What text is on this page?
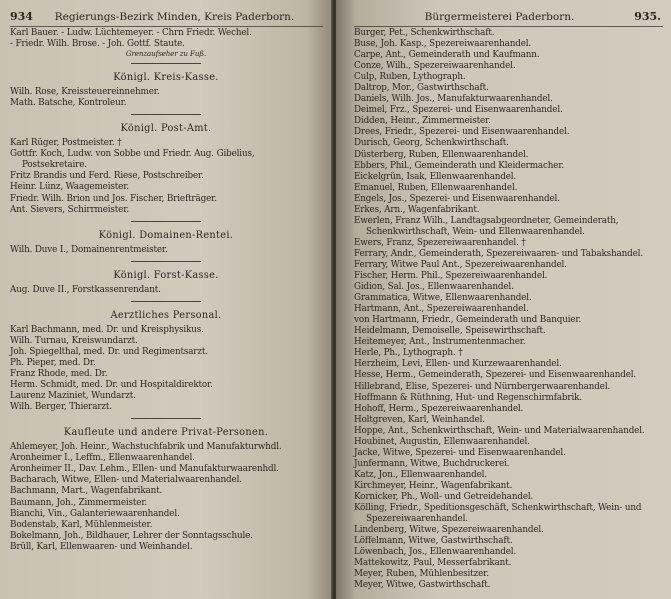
934	Regierungs-Bezirk Minden, Kreis Paderborn.
Karl Bauer. - Ludw. Lüchtemeyer. - Chrn Friedr. Wechel.
- Friedr. Wilh. Brose. - Joh. Gottf. Staute.
Grenzaufseher zu Fuß.
Königl. Kreis-Kasse.
Wilh. Rose, Kreissteuereinnehmer.
Math. Batsche, Kontroleur.
Königl. Post-Amt.
Karl Rüger, Postmeister. †
Gottfr. Koch, Ludw. von Sobbe und Friedr. Aug. Gibelius, Postsekretaire.
Fritz Brandis und Ferd. Riese, Postschreiber.
Heinr. Lünz, Waagemeister.
Friedr. Wilh. Brion und Jos. Fischer, Briefträger.
Ant. Sievers, Schirrmeister.
Königl. Domainen-Rentei.
Wilh. Duve I., Domainenrentmeister.
Königl. Forst-Kasse.
Aug. Duve II., Forstkassenrendant.
Aerztliches Personal.
Karl Bachmann, med. Dr. und Kreisphysikus.
Wilh. Turnau, Kreiswundarzt.
Joh. Spiegelthal, med. Dr. und Regimentsarzt.
Ph. Pieper, med. Dr.
Franz Rhode, med. Dr.
Herm. Schmidt, med. Dr. und Hospitaldirektor.
Laurenz Maziniet, Wundarzt.
Wilh. Berger, Thierarzt.
Kaufleute und andere Privat-Personen.
Ahlemeyer, Joh. Heinr., Wachstuchfabrik und Manufakturwhdl.
Aronheimer I., Leffm., Ellenwaarenhandel.
Aronheimer II., Dav. Lehm., Ellen- und Manufakturwaarenhdl.
Bacharach, Witwe, Ellen- und Materialwaarenhandel.
Bachmann, Mart., Wagenfabrikant.
Baumann, Joh., Zimmermeister.
Bianchi, Vin., Galanteriewaarenhandel.
Bodenstab, Karl, Mühlenmeister.
Bokelmann, Joh., Bildhauer, Lehrer der Sonntagsschule.
Brüll, Karl, Ellenwaaren- und Weinhandel.
Bürgermeisterei Paderborn.	935.
Burger, Pet., Schenkwirthschaft.
Buse, Joh. Kasp., Spezereiwaarenhandel.
Carpe, Ant., Gemeinderath und Kaufmann.
Conze, Wilh., Spezereiwaarenhandel.
Culp, Ruben, Lythograph.
Daltrop, Mor., Gastwirthschaft.
Daniels, Wilh. Jos., Manufakturwaarenhandel.
Deimel, Frz., Spezerei- und Eisenwaarenhandel.
Didden, Heinr., Zimmermeister.
Drees, Friedr., Spezerei- und Eisenwaarenhandel.
Durisch, Georg, Schenkwirthschaft.
Düsterberg, Ruben, Ellenwaarenhandel.
Ebbers, Phil., Gemeinderath und Kleidermacher.
Eickelgrün, Isak, Ellenwaarenhandel.
Emanuel, Ruben, Ellenwaarenhandel.
Engels, Jos., Spezerei- und Eisenwaarenhandel.
Erkes, Arn., Wagenfabrikant.
Ewerlen, Franz Wilh., Landtagsabgeordneter, Gemeinderath, Schenkwirthschaft, Wein- und Ellenwaarenhandel.
Ewers, Franz, Spezereiwaarenhandel. †
Ferrary, Andr., Gemeinderath, Spezereiwaaren- und Tabakshandel.
Ferrary, Witwe Paul Ant., Spezereiwaarenhandel.
Fischer, Herm. Phil., Spezereiwaarenhandel.
Gidion, Sal. Jos., Ellenwaarenhandel.
Grammatica, Witwe, Ellenwaarenhandel.
Hartmann, Ant., Spezereiwaarenhandel.
von Hartmann, Friedr., Gemeinderath und Banquier.
Heidelmann, Demoiselle, Speisewirthschaft.
Heitemeyer, Ant., Instrumentenmacher.
Herle, Ph., Lythograph. †
Herzheim, Levi, Ellen- und Kurzewaarenhandel.
Hesse, Herm., Gemeinderath, Spezerei- und Eisenwaarenhandel.
Hillebrand, Elise, Spezerei- und Nürnbergerwaarenhandel.
Hoffmann & Rüthning, Hut- und Regenschirmfabrik.
Hohoff, Herm., Spezereiwaarenhandel.
Holtgreven, Karl, Weinhandel.
Hoppe, Ant., Schenkwirthschaft, Wein- und Materialwaarenhandel.
Houbinet, Augustin, Ellenwaarenhandel.
Jacke, Witwe, Spezerei- und Eisenwaarenhandel.
Junfermann, Witwe, Buchdruckerei.
Katz, Jon., Ellenwaarenhandel.
Kirchmeyer, Heinr., Wagenfabrikant.
Kornicker, Ph., Woll- und Getreidehandel.
Kölling, Friedr., Speditionsgeschäft, Schenkwirthschaft, Wein- und Spezereiwaarenhandel.
Lindenberg, Witwe, Spezereiwaarenhandel.
Löffelmann, Witwe, Gastwirthschaft.
Löwenbach, Jos., Ellenwaarenhandel.
Mattekowitz, Paul, Messerfabrikant.
Meyer, Ruben, Mühlenbesitzer.
Meyer, Witwe, Gastwirthschaft.
